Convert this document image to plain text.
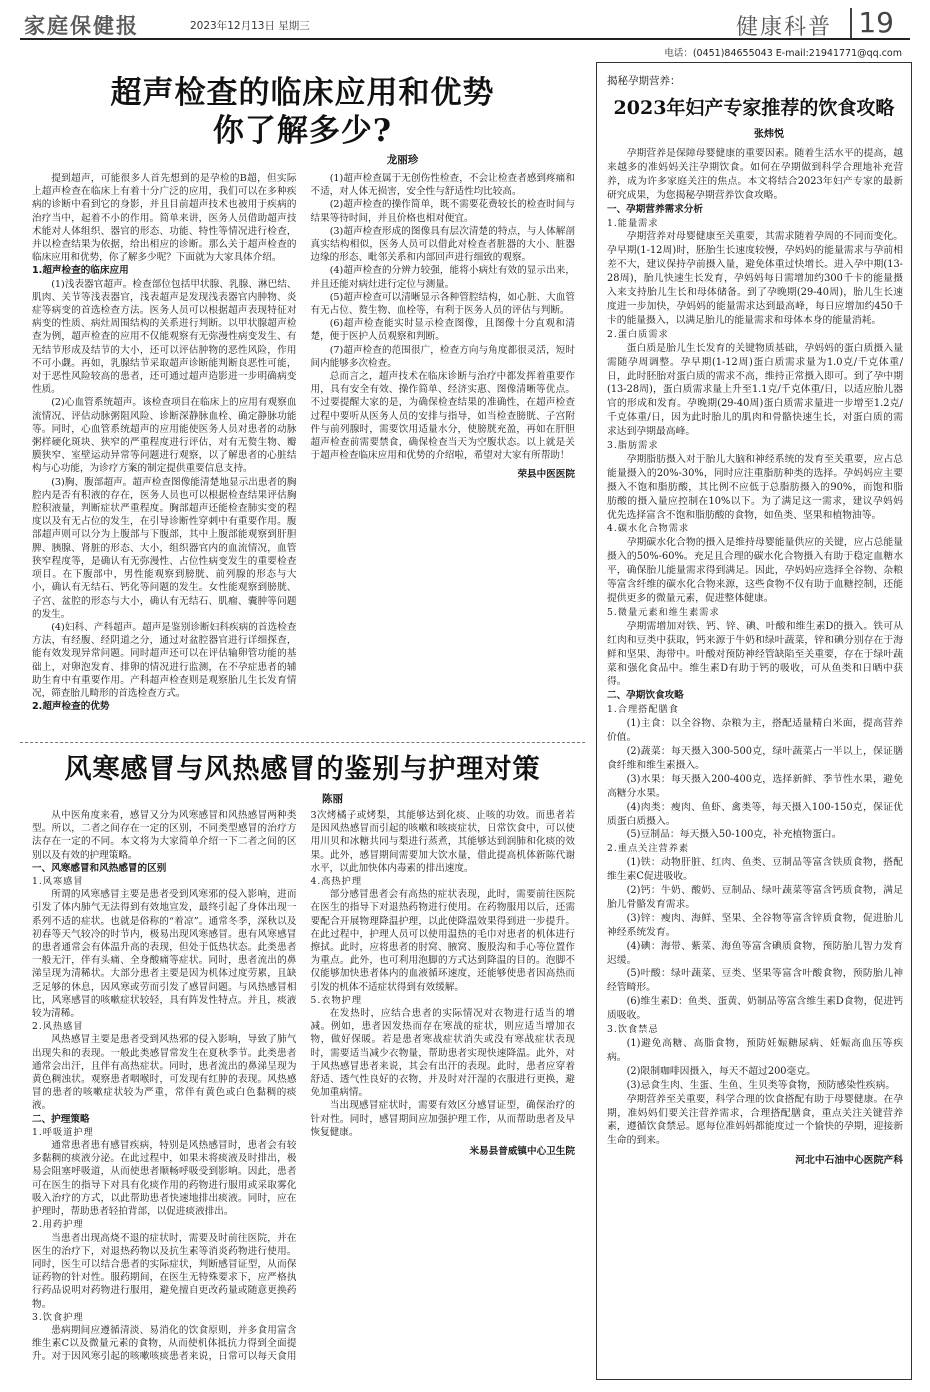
家庭保健报	2023年12月13日 星期三	健康科普 19
电话：(0451)84655043 E-mail:21941771@qq.com
超声检查的临床应用和优势
你了解多少?
龙丽珍

提到超声，可能很多人首先想到的是孕检的B超，但实际上超声检查在临床上有着十分广泛的应用，我们可以在多种疾病的诊断中看到它的身影，并且目前超声技术也被用于疾病的治疗当中，起着不小的作用。简单来讲，医务人员借助超声技术能对人体组织、器官的形态、功能、特性等情况进行检查，并以检查结果为依据，给出相应的诊断。那么关于超声检查的临床应用和优势，你了解多少呢？下面就为大家具体介绍。

1.超声检查的临床应用

(1)浅表器官超声。检查部位包括甲状腺、乳腺、淋巴结、肌肉、关节等浅表器官，浅表超声是发现浅表器官内肿物、炎症等病变的首选检查方法。医务人员可以根据超声表现特征对病变的性质、病灶周围结构的关系进行判断。以甲状腺超声检查为例，超声检查的应用不仅能观察有无弥漫性病变发生、有无结节形成及结节的大小，还可以评估肿物的恶性风险，作用不可小觑。再如，乳腺结节采取超声诊断能判断良恶性可能，对于恶性风险较高的患者，还可通过超声造影进一步明确病变性质。

(2)心血管系统超声。该检查项目在临床上的应用有观察血流情况、评估动脉粥阻风险、诊断深静脉血栓、确定静脉功能等。同时，心血管系统超声的应用能使医务人员对患者的动脉粥样硬化斑块、狭窄的严重程度进行评估，对有无赘生物、瓣膜狭窄、室壁运动异常等问题进行观察，以了解患者的心脏结构与心功能，为诊疗方案的制定提供重要信息支持。

(3)胸、腹部超声。超声检查图像能清楚地显示出患者的胸腔内是否有积液的存在，医务人员也可以根据检查结果评估胸腔积液量，判断症状严重程度。胸部超声还能检查肺实变的程度以及有无占位的发生，在引导诊断性穿刺中有重要作用。腹部超声则可以分为上腹部与下腹部，其中上腹部能观察到肝胆脾、胰腺、肾脏的形态、大小，组织器官内的血流情况，血管狭窄程度等，是确认有无弥漫性、占位性病变发生的重要检查项目。在下腹部中，男性能观察到膀胱、前列腺的形态与大小，确认有无结石、钙化等问题的发生。女性能观察到膀胱、子宫、盆腔的形态与大小，确认有无结石、肌瘤、囊肿等问题的发生。

(4)妇科、产科超声。超声是鉴别诊断妇科疾病的首选检查方法，有经腹、经阴道之分，通过对盆腔器官进行详细探查，能有效发现异常问题。同时超声还可以在评估输卵管功能的基础上，对卵泡发育、排卵的情况进行监测，在不孕症患者的辅助生育中有重要作用。产科超声检查则是观察胎儿生长发育情况，筛查胎儿畸形的首选检查方式。

2.超声检查的优势

(1)超声检查属于无创伤性检查，不会让检查者感到疼痛和不适，对人体无损害，安全性与舒适性均比较高。

(2)超声检查的操作简单，既不需要花费较长的检查时间与结果等待时间，并且价格也相对便宜。

(3)超声检查形成的图像具有层次清楚的特点，与人体解剖真实结构相似，医务人员可以借此对检查者脏器的大小、脏器边缘的形态、毗邻关系和内部回声进行细致的观察。

(4)超声检查的分辨力较强，能将小病灶有效的显示出来，并且还能对病灶进行定位与测量。

(5)超声检查可以清晰显示各种管腔结构，如心脏、大血管有无占位、赘生物、血栓等，有利于医务人员的评估与判断。

(6)超声检查能实时显示检查图像，且图像十分直观和清楚，便于医护人员观察和判断。

(7)超声检查的范围很广，检查方向与角度都很灵活，短时间内能够多次检查。

总而言之，超声技术在临床诊断与治疗中都发挥着重要作用，具有安全有效、操作简单、经济实惠、图像清晰等优点。不过要提醒大家的是，为确保检查结果的准确性，在超声检查过程中要听从医务人员的安排与指导，如当检查膀胱、子宫附件与前列腺时，需要饮用适量水分，使膀胱充盈，再如在肝胆超声检查前需要禁食，确保检查当天为空腹状态。以上就是关于超声检查临床应用和优势的介绍啦，希望对大家有所帮助！

荣县中医医院

风寒感冒与风热感冒的鉴别与护理对策
陈丽

从中医角度来看，感冒又分为风寒感冒和风热感冒两种类型。所以，二者之间存在一定的区别，不同类型感冒的治疗方法存在一定的不同。本文将为大家简单介绍一下二者之间的区别以及有效的护理策略。

一、风寒感冒和风热感冒的区别

1.风寒感冒

所谓的风寒感冒主要是患者受到风寒邪的侵入影响，进而引发了体内肺气无法得到有效地宣发，最终引起了身体出现一系列不适的症状。也就是俗称的“着凉”。通常冬季，深秋以及初春等天气较冷的时节内，极易出现风寒感冒。患有风寒感冒的患者通常会有体温升高的表现，但处于低热状态。此类患者一般无汗，伴有头痛、全身酸痛等症状。同时，患者流出的鼻涕呈现为清稀状。大部分患者主要是因为机体过度劳累，且缺乏足够的休息，因风寒或劳而引发了感冒问题。与风热感冒相比，风寒感冒的咳嗽症状较轻，具有阵发性特点。并且，痰液较为清稀。

2.风热感冒

风热感冒主要是患者受到风热邪的侵入影响，导致了肺气出现失和的表现。一般此类感冒常发生在夏秋季节。此类患者通常会出汗，且伴有高热症状。同时，患者流出的鼻涕呈现为黄色稠浊状。观察患者咽喉时，可发现有红肿的表现。风热感冒的患者的咳嗽症状较为严重，常伴有黄色或白色黏稠的痰液。

二、护理策略

1.呼吸道护理

通常患者患有感冒疾病，特别是风热感冒时，患者会有较多黏稠的痰液分泌。在此过程中，如果未将痰液及时排出，极易会阻塞呼吸道，从而使患者顺畅呼吸受到影响。因此，患者可在医生的指导下对具有化痰作用的药物进行服用或采取雾化吸入治疗的方式，以此帮助患者快速地排出痰液。同时，应在护理时，帮助患者轻拍背部，以促进痰液排出。

2.用药护理

当患者出现高烧不退的症状时，需要及时前往医院，并在医生的治疗下，对退热药物以及抗生素等消炎药物进行使用。同时，医生可以结合患者的实际症状，判断感冒证型，从而保证药物的针对性。服药期间，在医生无特殊要求下，应严格执行药品说明对药物进行服用，避免擅自更改药量或随意更换药物。

3.饮食护理

患病期间应遵循清淡、易消化的饮食原则，并多食用富含维生素C以及微量元素的食物，从而使机体抵抗力得到全面提升。对于因风寒引起的咳嗽咳痰患者来说，日常可以每天食用3次烤橘子或烤梨，其能够达到化痰、止咳的功效。而患者若是因风热感冒而引起的咳嗽和咳痰症状，日常饮食中，可以使用川贝和冰糖共同与梨进行蒸煮，其能够达到润肺和化痰的效果。此外，感冒期间需要加大饮水量，借此提高机体新陈代谢水平，以此加快体内毒素的排出速度。

4.高热护理

部分感冒患者会有高热的症状表现，此时，需要前往医院在医生的指导下对退热药物进行使用。在药物服用以后，还需要配合开展物理降温护理，以此使降温效果得到进一步提升。在此过程中，护理人员可以使用温热的毛巾对患者的机体进行擦拭。此时，应将患者的肘窝、腋窝、腹股沟和手心等位置作为重点。此外，也可利用泡脚的方式达到降温的目的。泡脚不仅能够加快患者体内的血液循环速度，还能够使患者因高热而引发的机体不适症状得到有效缓解。

5.衣物护理

在发热时，应结合患者的实际情况对衣物进行适当的增减。例如，患者因发热而存在寒战的症状，则应适当增加衣物，做好保暖。若是患者寒战症状消失或没有寒战症状表现时，需要适当减少衣物量，帮助患者实现快速降温。此外，对于风热感冒患者来说，其会有出汗的表现。此时，患者应穿着舒适、透气性良好的衣物，并及时对汗湿的衣服进行更换，避免加重病情。

当出现感冒症状时，需要有效区分感冒证型，确保治疗的针对性。同时，感冒期间应加强护理工作，从而帮助患者及早恢复健康。

米易县普威镇中心卫生院

揭秘孕期营养：
2023年妇产专家推荐的饮食攻略
张炜悦

孕期营养是保障母婴健康的重要因素。随着生活水平的提高，越来越多的准妈妈关注孕期饮食。如何在孕期做到科学合理地补充营养，成为许多家庭关注的焦点。本文将结合2023年妇产专家的最新研究成果，为您揭秘孕期营养饮食攻略。

一、孕期营养需求分析

1.能量需求

孕期营养对母婴健康至关重要，其需求随着孕周的不同而变化。孕早期(1-12周)时，胚胎生长速度较慢，孕妈妈的能量需求与孕前相差不大，建议保持孕前摄入量，避免体重过快增长。进入孕中期(13-28周)，胎儿快速生长发育，孕妈妈每日需增加约300千卡的能量摄入来支持胎儿生长和母体储备。到了孕晚期(29-40周)，胎儿生长速度进一步加快，孕妈妈的能量需求达到最高峰，每日应增加约450千卡的能量摄入，以满足胎儿的能量需求和母体本身的能量消耗。

2.蛋白质需求

蛋白质是胎儿生长发育的关键物质基础，孕妈妈的蛋白质摄入量需随孕周调整。孕早期(1-12周)蛋白质需求量为1.0克/千克体重/日，此时胚胎对蛋白质的需求不高，维持正常摄入即可。到了孕中期(13-28周)，蛋白质需求量上升至1.1克/千克体重/日，以适应胎儿器官的形成和发育。孕晚期(29-40周)蛋白质需求量进一步增至1.2克/千克体重/日，因为此时胎儿的肌肉和骨骼快速生长，对蛋白质的需求达到孕期最高峰。

3.脂肪需求

孕期脂肪摄入对于胎儿大脑和神经系统的发育至关重要，应占总能量摄入的20%-30%，同时应注重脂肪种类的选择。孕妈妈应主要摄入不饱和脂肪酸，其比例不应低于总脂肪摄入的90%，而饱和脂肪酸的摄入量应控制在10%以下。为了满足这一需求，建议孕妈妈优先选择富含不饱和脂肪酸的食物，如鱼类、坚果和植物油等。

4.碳水化合物需求

孕期碳水化合物的摄入是维持母婴能量供应的关键，应占总能量摄入的50%-60%。充足且合理的碳水化合物摄入有助于稳定血糖水平，确保胎儿能量需求得到满足。因此，孕妈妈应选择全谷物、杂粮等富含纤维的碳水化合物来源，这些食物不仅有助于血糖控制，还能提供更多的微量元素，促进整体健康。

5.微量元素和维生素需求

孕期需增加对铁、钙、锌、碘、叶酸和维生素D的摄入。铁可从红肉和豆类中获取，钙来源于牛奶和绿叶蔬菜，锌和碘分别存在于海鲜和坚果、海带中。叶酸对预防神经管缺陷至关重要，存在于绿叶蔬菜和强化食品中。维生素D有助于钙的吸收，可从鱼类和日晒中获得。

二、孕期饮食攻略

1.合理搭配膳食

(1)主食：以全谷物、杂粮为主，搭配适量精白米面，提高营养价值。

(2)蔬菜：每天摄入300-500克，绿叶蔬菜占一半以上，保证膳食纤维和维生素摄入。

(3)水果：每天摄入200-400克，选择新鲜、季节性水果，避免高糖分水果。

(4)肉类：瘦肉、鱼虾、禽类等，每天摄入100-150克，保证优质蛋白质摄入。

(5)豆制品：每天摄入50-100克，补充植物蛋白。

2.重点关注营养素

(1)铁：动物肝脏、红肉、鱼类、豆制品等富含铁质食物，搭配维生素C促进吸收。

(2)钙：牛奶、酸奶、豆制品、绿叶蔬菜等富含钙质食物，满足胎儿骨骼发育需求。

(3)锌：瘦肉、海鲜、坚果、全谷物等富含锌质食物，促进胎儿神经系统发育。

(4)碘：海带、紫菜、海鱼等富含碘质食物，预防胎儿智力发育迟缓。

(5)叶酸：绿叶蔬菜、豆类、坚果等富含叶酸食物，预防胎儿神经管畸形。

(6)维生素D：鱼类、蛋黄、奶制品等富含维生素D食物，促进钙质吸收。

3.饮食禁忌

(1)避免高糖、高脂食物，预防妊娠糖尿病、妊娠高血压等疾病。

(2)限制咖啡因摄入，每天不超过200毫克。

(3)忌食生肉、生蛋、生鱼、生贝类等食物，预防感染性疾病。

孕期营养至关重要，科学合理的饮食搭配有助于母婴健康。在孕期，准妈妈们要关注营养需求，合理搭配膳食，重点关注关键营养素，遵循饮食禁忌。愿每位准妈妈都能度过一个愉快的孕期，迎接新生命的到来。

河北中石油中心医院产科
